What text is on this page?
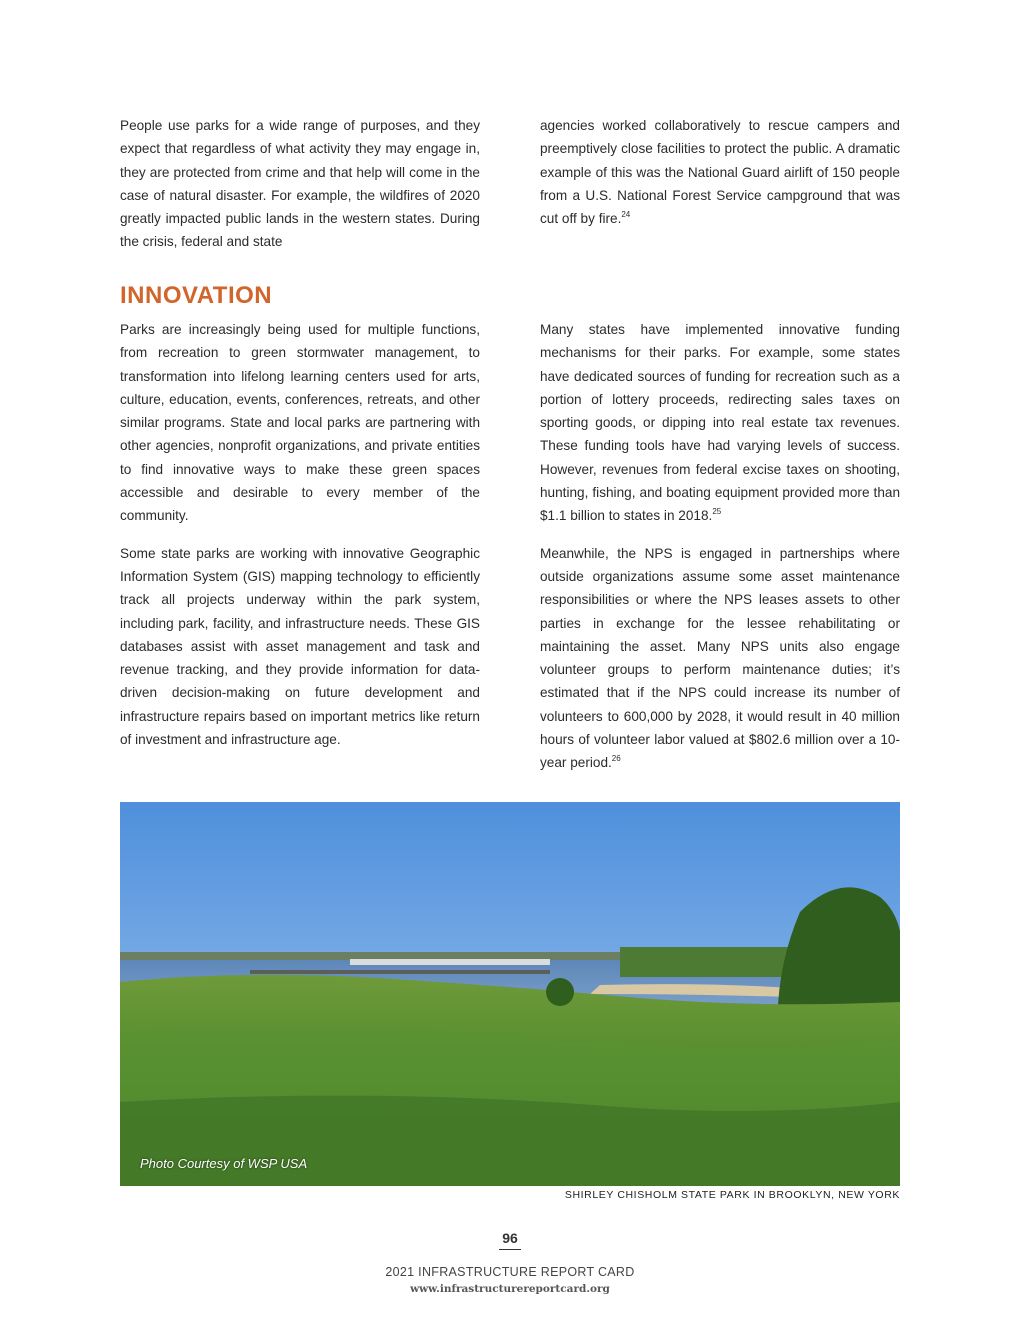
People use parks for a wide range of purposes, and they expect that regardless of what activity they may engage in, they are protected from crime and that help will come in the case of natural disaster. For example, the wildfires of 2020 greatly impacted public lands in the western states. During the crisis, federal and state

agencies worked collaboratively to rescue campers and preemptively close facilities to protect the public. A dramatic example of this was the National Guard airlift of 150 people from a U.S. National Forest Service campground that was cut off by fire.$^{24}$

INNOVATION

Parks are increasingly being used for multiple functions, from recreation to green stormwater management, to transformation into lifelong learning centers used for arts, culture, education, events, conferences, retreats, and other similar programs. State and local parks are partnering with other agencies, nonprofit organizations, and private entities to find innovative ways to make these green spaces accessible and desirable to every member of the community.

Some state parks are working with innovative Geographic Information System (GIS) mapping technology to efficiently track all projects underway within the park system, including park, facility, and infrastructure needs. These GIS databases assist with asset management and task and revenue tracking, and they provide information for data-driven decision-making on future development and infrastructure repairs based on important metrics like return of investment and infrastructure age.

Many states have implemented innovative funding mechanisms for their parks. For example, some states have dedicated sources of funding for recreation such as a portion of lottery proceeds, redirecting sales taxes on sporting goods, or dipping into real estate tax revenues. These funding tools have had varying levels of success. However, revenues from federal excise taxes on shooting, hunting, fishing, and boating equipment provided more than $1.1 billion to states in 2018.25

Meanwhile, the NPS is engaged in partnerships where outside organizations assume some asset maintenance responsibilities or where the NPS leases assets to other parties in exchange for the lessee rehabilitating or maintaining the asset. Many NPS units also engage volunteer groups to perform maintenance duties; it’s estimated that if the NPS could increase its number of volunteers to 600,000 by 2028, it would result in 40 million hours of volunteer labor valued at $802.6 million over a 10-year period.$^{26}$

Photo Courtesy of WSP USA
SHIRLEY CHISHOLM STATE PARK IN BROOKLYN, NEW YORK
96
2021 INFRASTRUCTURE REPORT CARD
www.infrastructurereportcard.org
